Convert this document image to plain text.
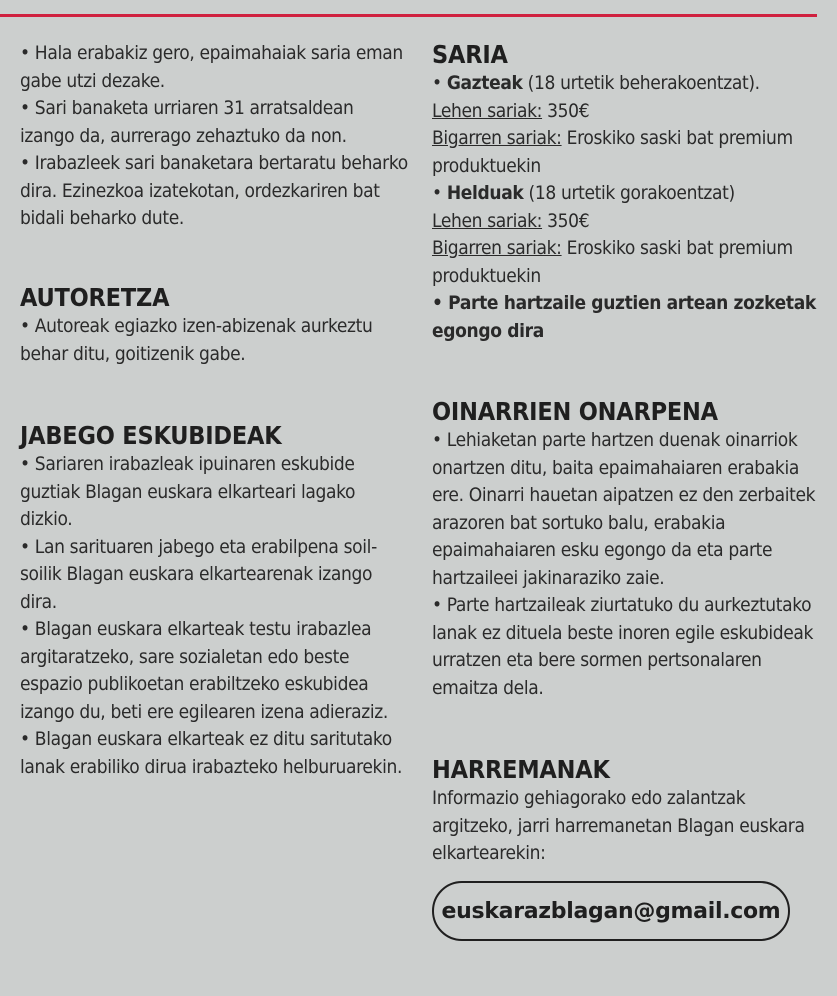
• Hala erabakiz gero, epaimahaiak saria eman gabe utzi dezake.

• Sari banaketa urriaren 31 arratsaldean izango da, aurrerago zehaztuko da non.

• Irabazleek sari banaketara bertaratu beharko dira. Ezinezkoa izatekotan, ordezkariren bat bidali beharko dute.

AUTORETZA

• Autoreak egiazko izen-abizenak aurkeztu behar ditu, goitizenik gabe.

JABEGO ESKUBIDEAK

• Sariaren irabazleak ipuinaren eskubide guztiak Blagan euskara elkarteari lagako dizkio.

• Lan sarituaren jabego eta erabilpena soil-soilik Blagan euskara elkartearenak izango dira.

• Blagan euskara elkarteak testu irabazlea argitaratzeko, sare sozialetan edo beste espazio publikoetan erabiltzeko eskubidea izango du, beti ere egilearen izena adieraziz.

• Blagan euskara elkarteak ez ditu saritutako lanak erabiliko dirua irabazteko helburuarekin.

SARIA

• Gazteak (18 urtetik beherakoentzat).

Lehen sariak: 350€

Bigarren sariak: Eroskiko saski bat premium produktuekin

• Helduak (18 urtetik gorakoentzat)

Lehen sariak: 350€

Bigarren sariak: Eroskiko saski bat premium produktuekin

• Parte hartzaile guztien artean zozketak egongo dira

OINARRIEN ONARPENA

• Lehiaketan parte hartzen duenak oinarriok onartzen ditu, baita epaimahaiaren erabakia ere. Oinarri hauetan aipatzen ez den zerbaitek arazoren bat sortuko balu, erabakia epaimahaiaren esku egongo da eta parte hartzaileei jakinaraziko zaie.

• Parte hartzaileak ziurtatuko du aurkeztutako lanak ez dituela beste inoren egile eskubideak urratzen eta bere sormen pertsonalaren emaitza dela.

HARREMANAK

Informazio gehiagorako edo zalantzak argitzeko, jarri harremanetan Blagan euskara elkartearekin:

euskarazblagan@gmail.com
